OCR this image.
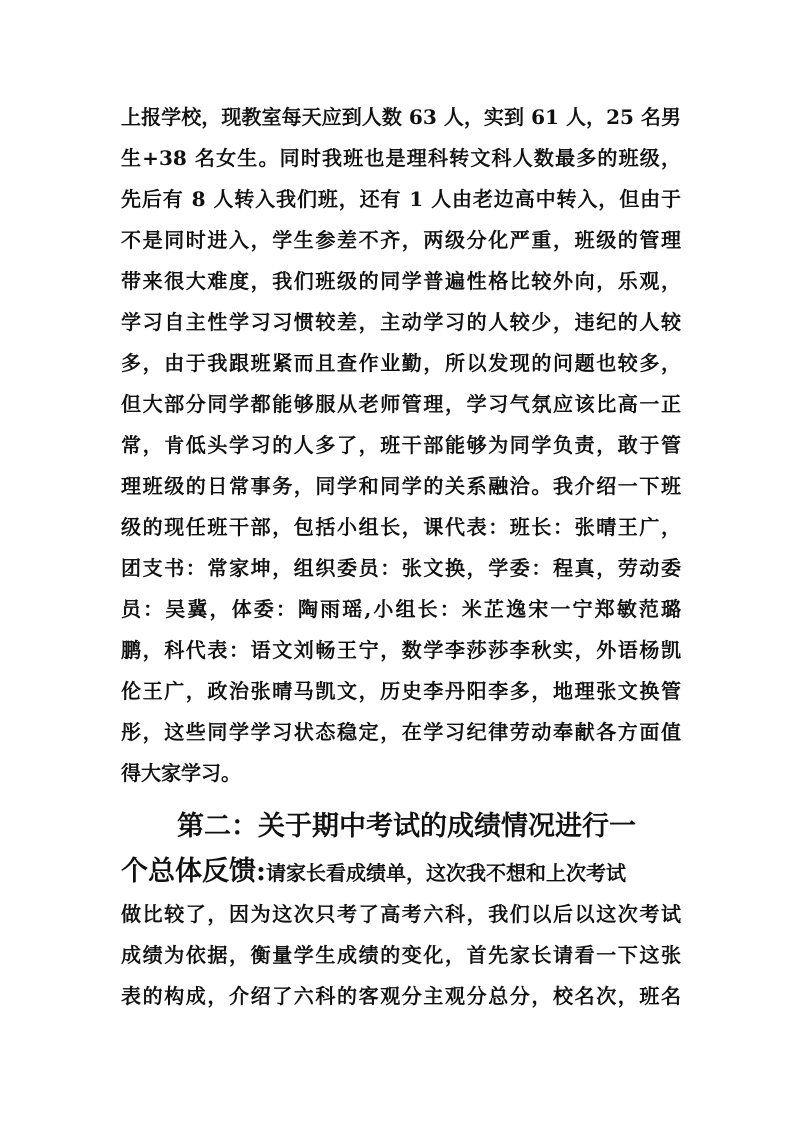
上报学校，现教室每天应到人数 63 人，实到 61 人，25 名男
生+38 名女生。同时我班也是理科转文科人数最多的班级，
先后有 8 人转入我们班，还有 1 人由老边高中转入，但由于
不是同时进入，学生参差不齐，两级分化严重，班级的管理
带来很大难度，我们班级的同学普遍性格比较外向，乐观，
学习自主性学习习惯较差，主动学习的人较少，违纪的人较
多，由于我跟班紧而且查作业勤，所以发现的问题也较多，
但大部分同学都能够服从老师管理，学习气氛应该比高一正
常，肯低头学习的人多了，班干部能够为同学负责，敢于管
理班级的日常事务，同学和同学的关系融洽。我介绍一下班
级的现任班干部，包括小组长，课代表：班长：张晴王广，
团支书：常家坤，组织委员：张文换，学委：程真，劳动委
员：吴冀，体委：陶雨瑶,小组长：米芷逸宋一宁郑敏范璐
鹏，科代表：语文刘畅王宁，数学李莎莎李秋实，外语杨凯
伦王广，政治张晴马凯文，历史李丹阳李多，地理张文换管
彤，这些同学学习状态稳定，在学习纪律劳动奉献各方面值
得大家学习。
第二：关于期中考试的成绩情况进行一
个总体反馈:请家长看成绩单，这次我不想和上次考试
做比较了，因为这次只考了高考六科，我们以后以这次考试
成绩为依据，衡量学生成绩的变化，首先家长请看一下这张
表的构成，介绍了六科的客观分主观分总分，校名次，班名
